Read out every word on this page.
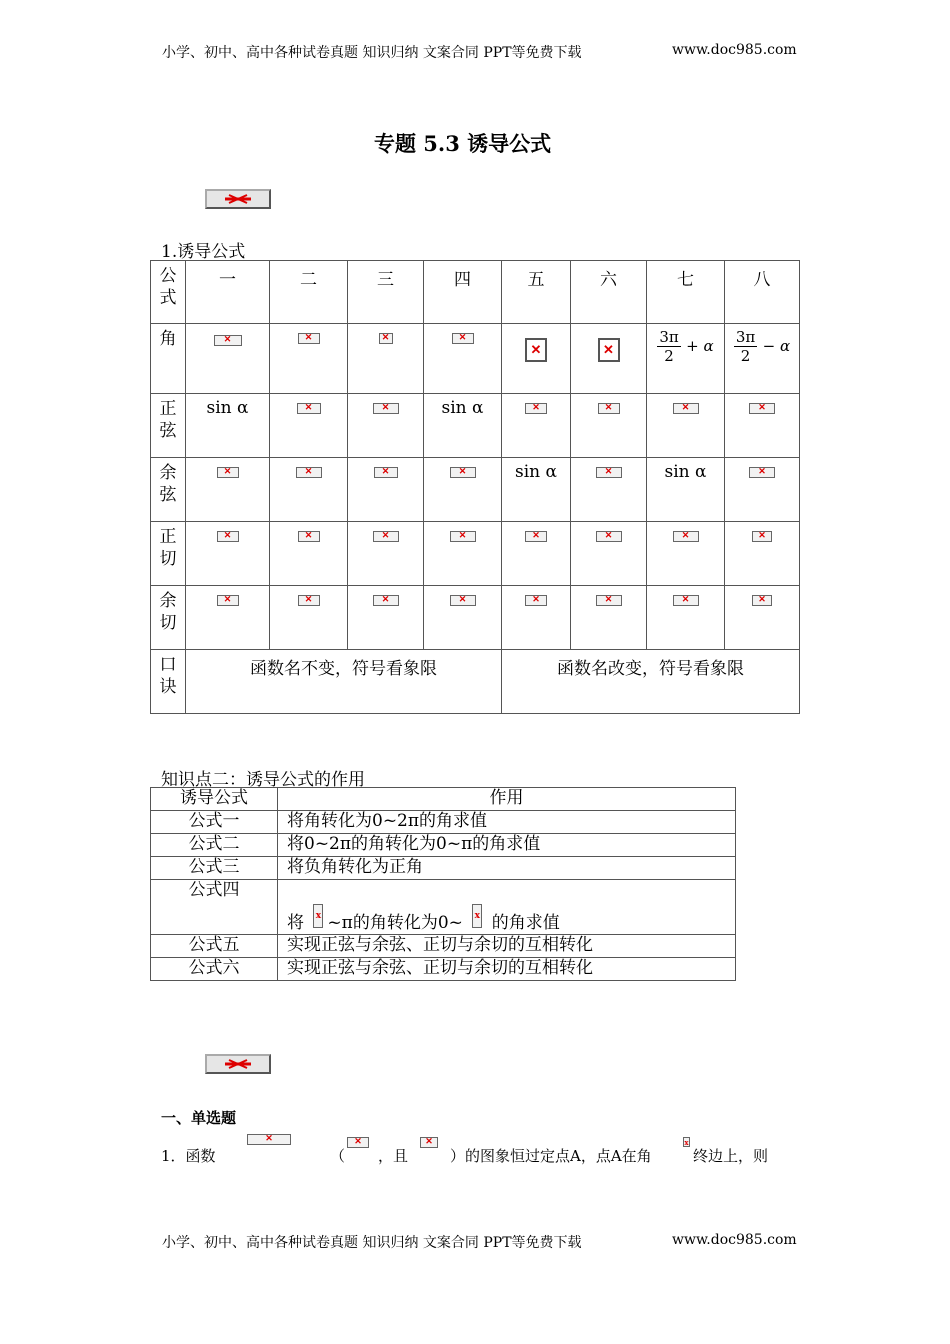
小学、初中、高中各种试卷真题 知识归纳 文案合同 PPT等免费下载	www.doc985.com
专题 5.3 诱导公式
1.诱导公式
公式	一	二	三	四	五	六	七	八
角	✕	✕	✕	✕	✕	✕	$\frac{3\pi}{2} + \alpha$	$\frac{3\pi}{2} - \alpha$
正弦	sin α	✕	✕	sin α	✕	✕	✕	✕
余弦	✕	✕	✕	✕	sin α	✕	sin α	✕
正切	✕	✕	✕	✕	✕	✕	✕	✕
余切	✕	✕	✕	✕	✕	✕	✕	✕
口诀	函数名不变，符号看象限				函数名改变，符号看象限			
知识点二：诱导公式的作用
诱导公式	作用
公式一	将角转化为0~2π的角求值
公式二	将0~2π的角转化为0~π的角求值
公式三	将负角转化为正角
公式四	将 x ~π的角转化为0~ x 的角求值
公式五	实现正弦与余弦、正切与余切的互相转化
公式六	实现正弦与余弦、正切与余切的互相转化
一、单选题
1．函数
✕
（
✕
，且
✕
）的图象恒过定点A，点A在角
x
终边上，则
小学、初中、高中各种试卷真题 知识归纳 文案合同 PPT等免费下载	www.doc985.com
